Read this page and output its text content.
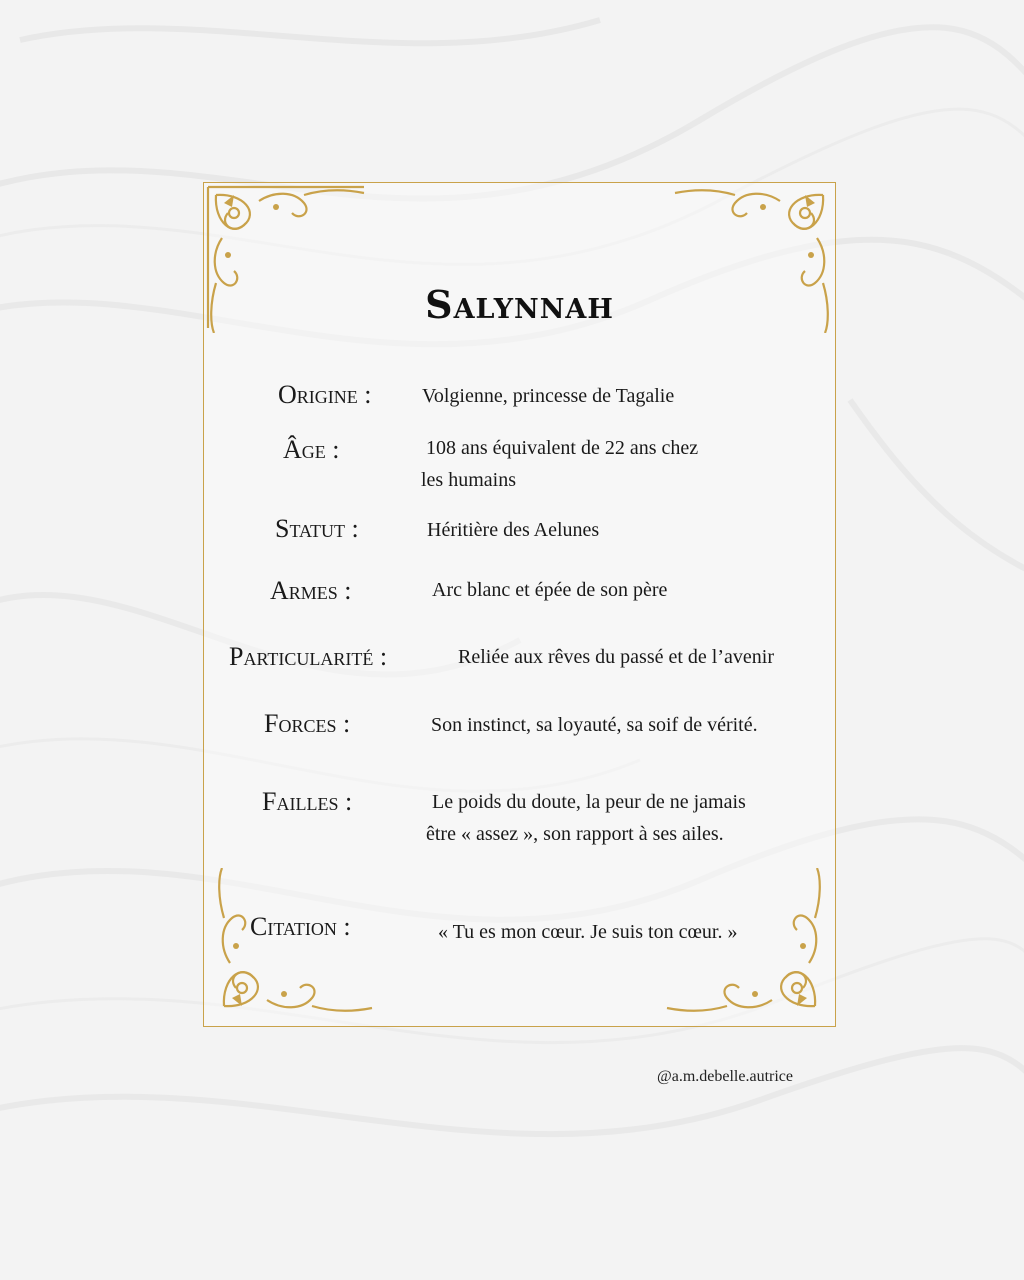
Salynnah
Origine :	Volgienne, princesse de Tagalie
Âge :	108 ans équivalent de 22 ans chez
les humains
Statut :	Héritière des Aelunes
Armes :	Arc blanc et épée de son père
Particularité :	Reliée aux rêves du passé et de l’avenir
Forces :	Son instinct, sa loyauté, sa soif de vérité.
Failles :	Le poids du doute, la peur de ne jamais
être « assez », son rapport à ses ailes.
Citation :	« Tu es mon cœur. Je suis ton cœur. »
@a.m.debelle.autrice
